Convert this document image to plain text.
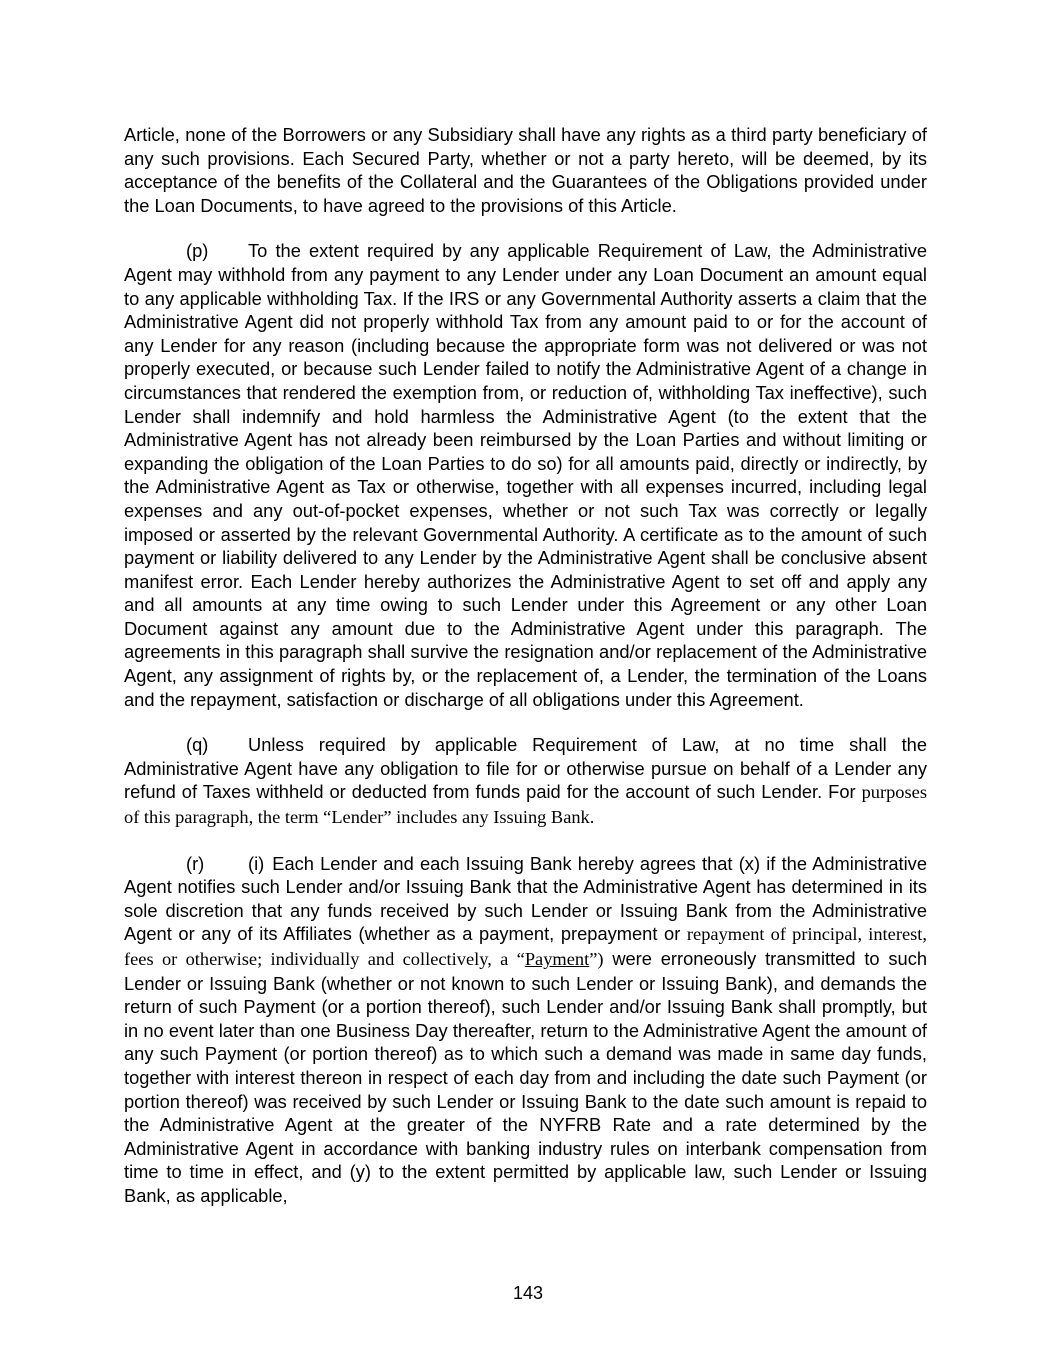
Article, none of the Borrowers or any Subsidiary shall have any rights as a third party beneficiary of any such provisions. Each Secured Party, whether or not a party hereto, will be deemed, by its acceptance of the benefits of the Collateral and the Guarantees of the Obligations provided under the Loan Documents, to have agreed to the provisions of this Article.

(p) To the extent required by any applicable Requirement of Law, the Administrative Agent may withhold from any payment to any Lender under any Loan Document an amount equal to any applicable withholding Tax. If the IRS or any Governmental Authority asserts a claim that the Administrative Agent did not properly withhold Tax from any amount paid to or for the account of any Lender for any reason (including because the appropriate form was not delivered or was not properly executed, or because such Lender failed to notify the Administrative Agent of a change in circumstances that rendered the exemption from, or reduction of, withholding Tax ineffective), such Lender shall indemnify and hold harmless the Administrative Agent (to the extent that the Administrative Agent has not already been reimbursed by the Loan Parties and without limiting or expanding the obligation of the Loan Parties to do so) for all amounts paid, directly or indirectly, by the Administrative Agent as Tax or otherwise, together with all expenses incurred, including legal expenses and any out-of-pocket expenses, whether or not such Tax was correctly or legally imposed or asserted by the relevant Governmental Authority. A certificate as to the amount of such payment or liability delivered to any Lender by the Administrative Agent shall be conclusive absent manifest error. Each Lender hereby authorizes the Administrative Agent to set off and apply any and all amounts at any time owing to such Lender under this Agreement or any other Loan Document against any amount due to the Administrative Agent under this paragraph. The agreements in this paragraph shall survive the resignation and/or replacement of the Administrative Agent, any assignment of rights by, or the replacement of, a Lender, the termination of the Loans and the repayment, satisfaction or discharge of all obligations under this Agreement.

(q) Unless required by applicable Requirement of Law, at no time shall the Administrative Agent have any obligation to file for or otherwise pursue on behalf of a Lender any refund of Taxes withheld or deducted from funds paid for the account of such Lender. For purposes of this paragraph, the term “Lender” includes any Issuing Bank.

(r) (i) Each Lender and each Issuing Bank hereby agrees that (x) if the Administrative Agent notifies such Lender and/or Issuing Bank that the Administrative Agent has determined in its sole discretion that any funds received by such Lender or Issuing Bank from the Administrative Agent or any of its Affiliates (whether as a payment, prepayment or repayment of principal, interest, fees or otherwise; individually and collectively, a “Payment”) were erroneously transmitted to such Lender or Issuing Bank (whether or not known to such Lender or Issuing Bank), and demands the return of such Payment (or a portion thereof), such Lender and/or Issuing Bank shall promptly, but in no event later than one Business Day thereafter, return to the Administrative Agent the amount of any such Payment (or portion thereof) as to which such a demand was made in same day funds, together with interest thereon in respect of each day from and including the date such Payment (or portion thereof) was received by such Lender or Issuing Bank to the date such amount is repaid to the Administrative Agent at the greater of the NYFRB Rate and a rate determined by the Administrative Agent in accordance with banking industry rules on interbank compensation from time to time in effect, and (y) to the extent permitted by applicable law, such Lender or Issuing Bank, as applicable,

143
